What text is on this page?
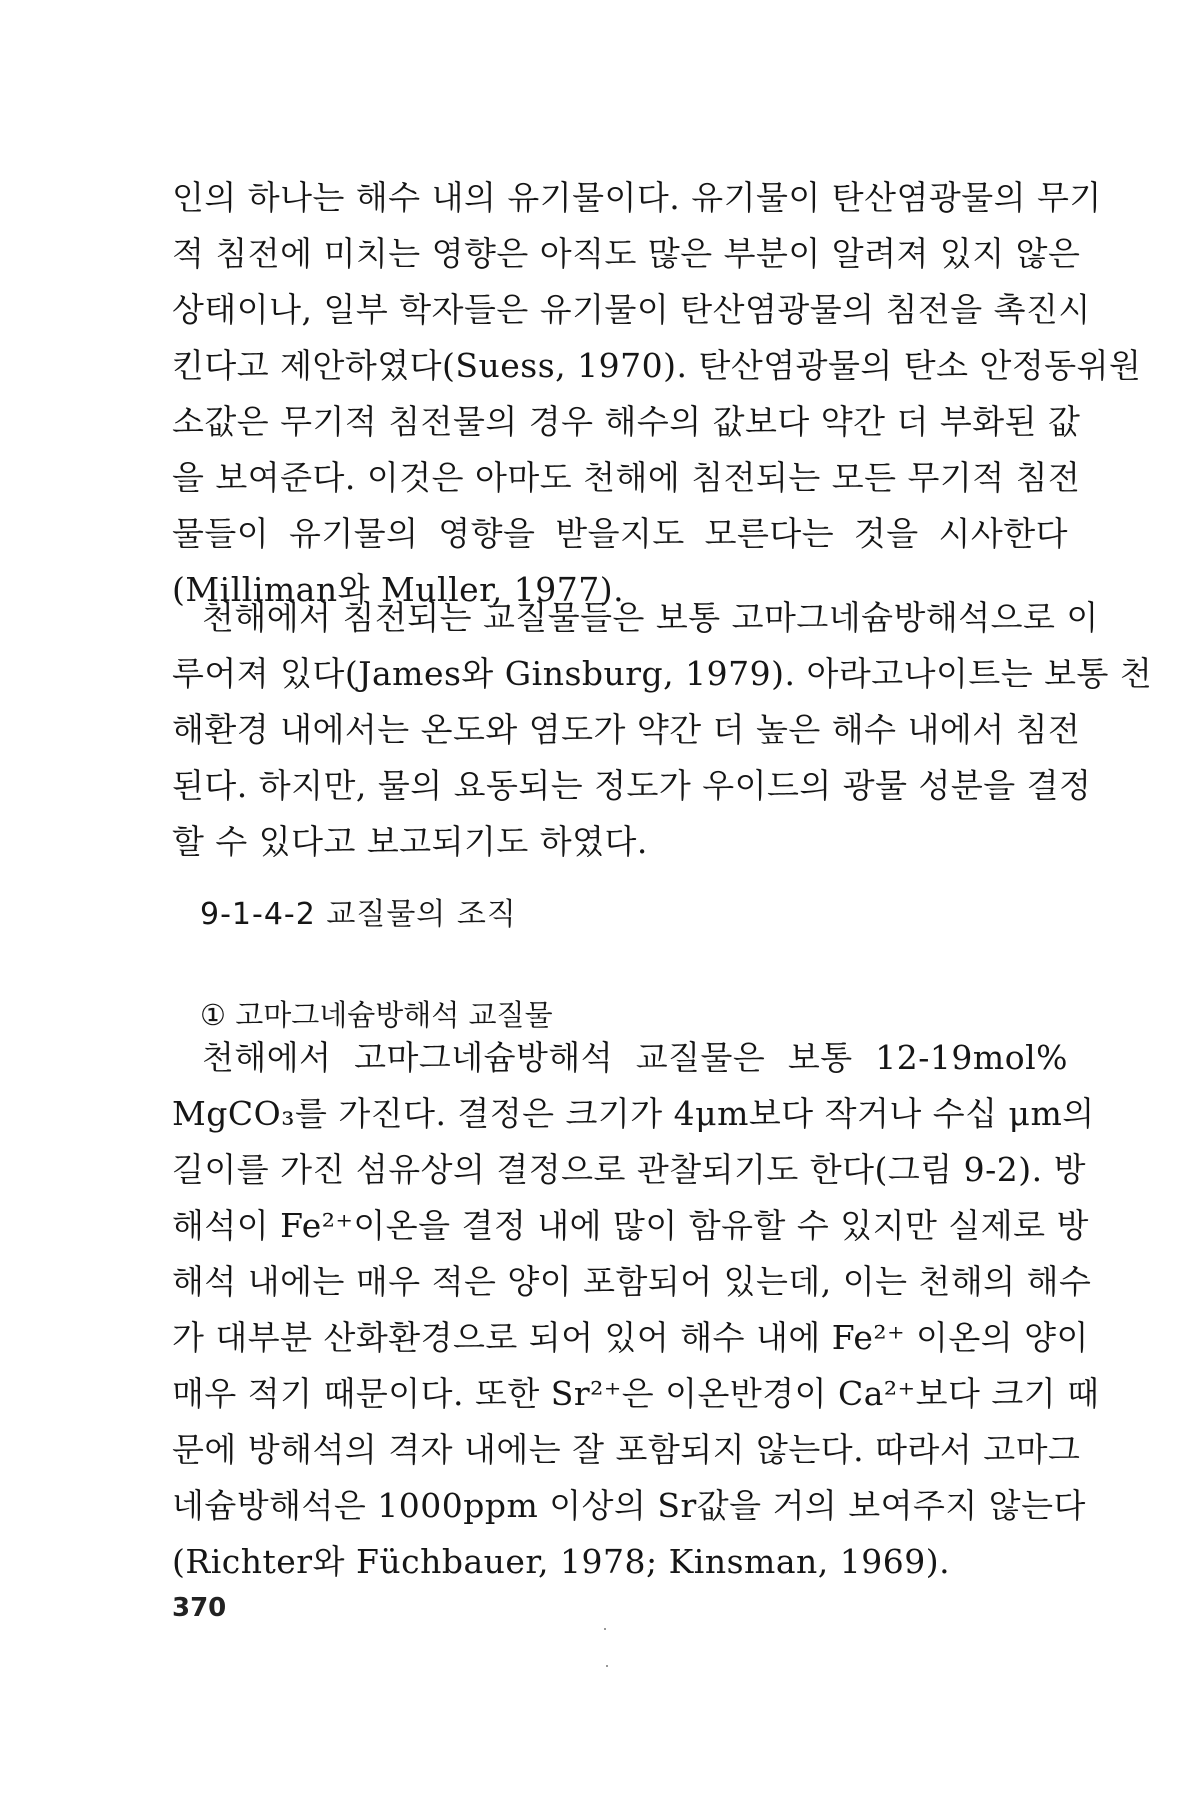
인의 하나는 해수 내의 유기물이다. 유기물이 탄산염광물의 무기
적 침전에 미치는 영향은 아직도 많은 부분이 알려져 있지 않은
상태이나, 일부 학자들은 유기물이 탄산염광물의 침전을 촉진시
킨다고 제안하였다(Suess, 1970). 탄산염광물의 탄소 안정동위원
소값은 무기적 침전물의 경우 해수의 값보다 약간 더 부화된 값
을 보여준다. 이것은 아마도 천해에 침전되는 모든 무기적 침전
물들이 유기물의 영향을 받을지도 모른다는 것을 시사한다
(Milliman와 Muller, 1977).
천해에서 침전되는 교질물들은 보통 고마그네슘방해석으로 이
루어져 있다(James와 Ginsburg, 1979). 아라고나이트는 보통 천
해환경 내에서는 온도와 염도가 약간 더 높은 해수 내에서 침전
된다. 하지만, 물의 요동되는 정도가 우이드의 광물 성분을 결정
할 수 있다고 보고되기도 하였다.
9-1-4-2 교질물의 조직
① 고마그네슘방해석 교질물
천해에서 고마그네슘방해석 교질물은 보통 12-19mol%
MgCO₃를 가진다. 결정은 크기가 4μm보다 작거나 수십 μm의
길이를 가진 섬유상의 결정으로 관찰되기도 한다(그림 9-2). 방
해석이 Fe²⁺이온을 결정 내에 많이 함유할 수 있지만 실제로 방
해석 내에는 매우 적은 양이 포함되어 있는데, 이는 천해의 해수
가 대부분 산화환경으로 되어 있어 해수 내에 Fe²⁺ 이온의 양이
매우 적기 때문이다. 또한 Sr²⁺은 이온반경이 Ca²⁺보다 크기 때
문에 방해석의 격자 내에는 잘 포함되지 않는다. 따라서 고마그
네슘방해석은 1000ppm 이상의 Sr값을 거의 보여주지 않는다
(Richter와 Füchbauer, 1978; Kinsman, 1969).
370
